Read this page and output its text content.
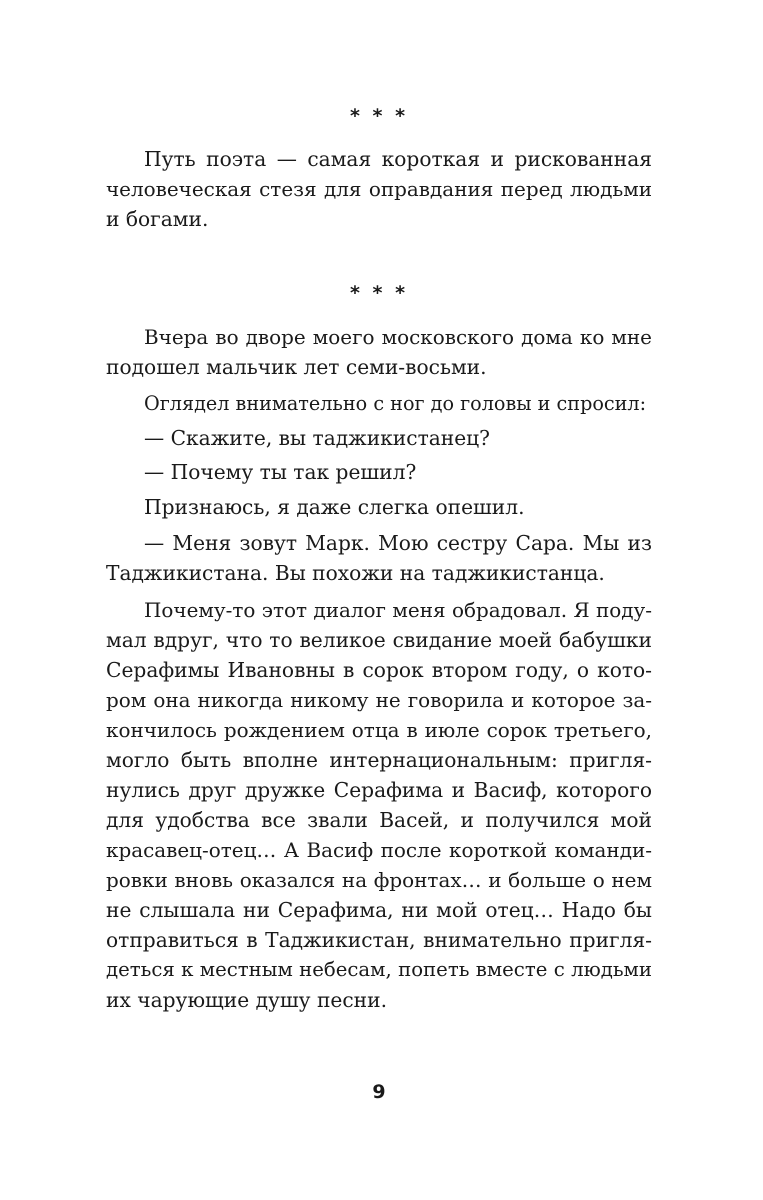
* * *
Путь поэта — самая короткая и рискованная
человеческая стезя для оправдания перед людьми
и богами.
* * *
Вчера во дворе моего московского дома ко мне
подошел мальчик лет семи-восьми.
Оглядел внимательно с ног до головы и спросил:
— Скажите, вы таджикистанец?
— Почему ты так решил?
Признаюсь, я даже слегка опешил.
— Меня зовут Марк. Мою сестру Сара. Мы из
Таджикистана. Вы похожи на таджикистанца.
Почему-то этот диалог меня обрадовал. Я поду-
мал вдруг, что то великое свидание моей бабушки
Серафимы Ивановны в сорок втором году, о кото-
ром она никогда никому не говорила и которое за-
кончилось рождением отца в июле сорок третьего,
могло быть вполне интернациональным: пригля-
нулись друг дружке Серафима и Васиф, которого
для удобства все звали Васей, и получился мой
красавец-отец… А Васиф после короткой команди-
ровки вновь оказался на фронтах… и больше о нем
не слышала ни Серафима, ни мой отец… Надо бы
отправиться в Таджикистан, внимательно пригля-
деться к местным небесам, попеть вместе с людьми
их чарующие душу песни.
9
